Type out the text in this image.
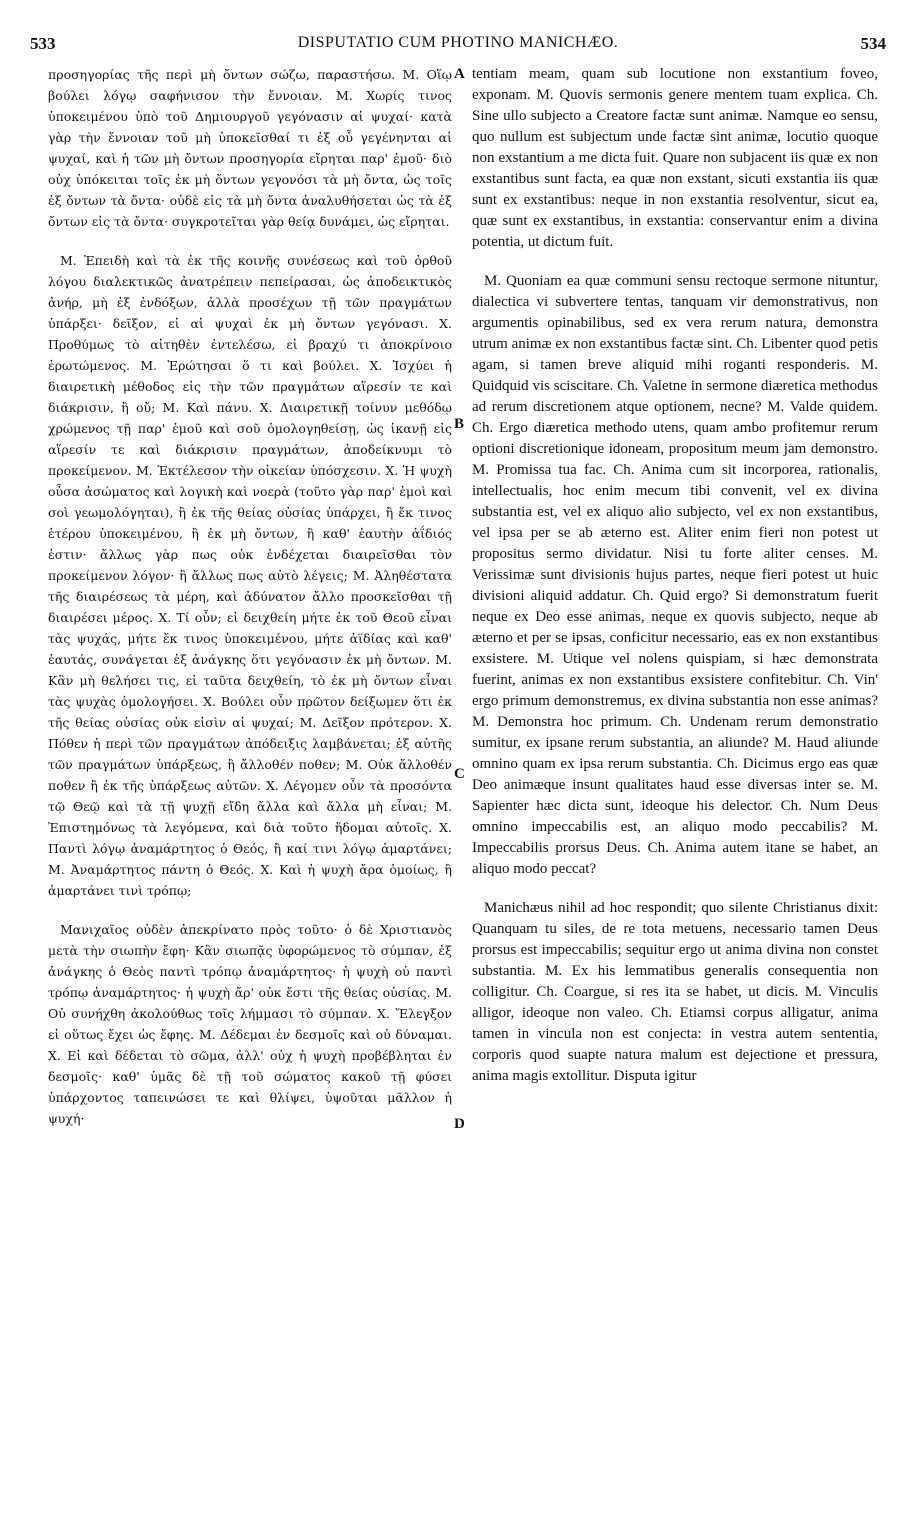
533	DISPUTATIO CUM PHOTINO MANICHÆO.	534

προσηγορίας τῆς περὶ μὴ ὄντων σώζω, παραστήσω. Μ. Οἵῳ βούλει λόγῳ σαφήνισον τὴν ἔννοιαν. Μ. Χωρίς τινος ὑποκειμένου ὑπὸ τοῦ Δημιουργοῦ γεγόνασιν αἱ ψυχαί· κατὰ γὰρ τὴν ἔννοιαν τοῦ μὴ ὑποκεῖσθαί τι ἐξ οὗ γεγένηνται αἱ ψυχαί, καὶ ἡ τῶν μὴ ὄντων προσηγορία εἴρηται παρ' ἐμοῦ· διὸ οὐχ ὑπόκειται τοῖς ἐκ μὴ ὄντων γεγονόσι τὰ μὴ ὄντα, ὡς τοῖς ἐξ ὄντων τὰ ὄντα· οὐδὲ εἰς τὰ μὴ ὄντα ἀναλυθήσεται ὡς τὰ ἐξ ὄντων εἰς τὰ ὄντα· συγκροτεῖται γὰρ θείᾳ δυνάμει, ὡς εἴρηται.

Μ. Ἐπειδὴ καὶ τὰ ἐκ τῆς κοινῆς συνέσεως καὶ τοῦ ὀρθοῦ λόγου διαλεκτικῶς ἀνατρέπειν πεπείρασαι, ὡς ἀποδεικτικὸς ἀνήρ, μὴ ἐξ ἐνδόξων, ἀλλὰ προσέχων τῇ τῶν πραγμάτων ὑπάρξει· δεῖξον, εἰ αἱ ψυχαὶ ἐκ μὴ ὄντων γεγόνασι. Χ. Προθύμως τὸ αἰτηθὲν ἐντελέσω, εἰ βραχύ τι ἀποκρίνοιο ἐρωτώμενος. Μ. Ἐρώτησαι ὅ τι καὶ βούλει. Χ. Ἰσχύει ἡ διαιρετικὴ μέθοδος εἰς τὴν τῶν πραγμάτων αἵρεσίν τε καὶ διάκρισιν, ἢ οὔ; Μ. Καὶ πάνυ. Χ. Διαιρετικῇ τοίνυν μεθόδῳ χρώμενος τῇ παρ' ἐμοῦ καὶ σοῦ ὁμολογηθείσῃ, ὡς ἱκανῇ εἰς αἵρεσίν τε καὶ διάκρισιν πραγμάτων, ἀποδείκνυμι τὸ προκείμενον. Μ. Ἐκτέλεσον τὴν οἰκείαν ὑπόσχεσιν. Χ. Ἡ ψυχὴ οὖσα ἀσώματος καὶ λογικὴ καὶ νοερὰ (τοῦτο γὰρ παρ' ἐμοὶ καὶ σοὶ γεωμολόγηται), ἢ ἐκ τῆς θείας οὐσίας ὑπάρχει, ἢ ἔκ τινος ἑτέρου ὑποκειμένου, ἢ ἐκ μὴ ὄντων, ἢ καθ' ἑαυτὴν ἀΐδιός ἐστιν· ἄλλως γὰρ πως οὐκ ἐνδέχεται διαιρεῖσθαι τὸν προκείμενον λόγον· ἢ ἄλλως πως αὐτὸ λέγεις; Μ. Ἀληθέστατα τῆς διαιρέσεως τὰ μέρη, καὶ ἀδύνατον ἄλλο προσκεῖσθαι τῇ διαιρέσει μέρος. Χ. Τί οὖν; εἰ δειχθείη μήτε ἐκ τοῦ Θεοῦ εἶναι τὰς ψυχάς, μήτε ἔκ τινος ὑποκειμένου, μήτε ἀϊδίας καὶ καθ' ἑαυτάς, συνάγεται ἐξ ἀνάγκης ὅτι γεγόνασιν ἐκ μὴ ὄντων. Μ. Κἂν μὴ θελήσει τις, εἰ ταῦτα δειχθείη, τὸ ἐκ μὴ ὄντων εἶναι τὰς ψυχὰς ὁμολογήσει. Χ. Βούλει οὖν πρῶτον δείξωμεν ὅτι ἐκ τῆς θείας οὐσίας οὐκ εἰσὶν αἱ ψυχαί; Μ. Δεῖξον πρότερον. Χ. Πόθεν ἡ περὶ τῶν πραγμάτων ἀπόδειξις λαμβάνεται; ἐξ αὐτῆς τῶν πραγμάτων ὑπάρξεως, ἢ ἄλλοθέν ποθεν; Μ. Οὐκ ἄλλοθέν ποθεν ἢ ἐκ τῆς ὑπάρξεως αὐτῶν. Χ. Λέγομεν οὖν τὰ προσόντα τῷ Θεῷ καὶ τὰ τῇ ψυχῇ εἴδη ἄλλα καὶ ἄλλα μὴ εἶναι; Μ. Ἐπιστημόνως τὰ λεγόμενα, καὶ διὰ τοῦτο ἥδομαι αὐτοῖς. Χ. Παντὶ λόγῳ ἀναμάρτητος ὁ Θεός, ἢ καί τινι λόγῳ ἁμαρτάνει; Μ. Ἀναμάρτητος πάντη ὁ Θεός. Χ. Καὶ ἡ ψυχὴ ἄρα ὁμοίως, ἢ ἁμαρτάνει τινὶ τρόπῳ;

Μανιχαῖος οὐδὲν ἀπεκρίνατο πρὸς τοῦτο· ὁ δὲ Χριστιανὸς μετὰ τὴν σιωπὴν ἔφη· Κἂν σιωπᾷς ὑφορώμενος τὸ σύμπαν, ἐξ ἀνάγκης ὁ Θεὸς παντὶ τρόπῳ ἀναμάρτητος· ἡ ψυχὴ οὐ παντὶ τρόπῳ ἀναμάρτητος· ἡ ψυχὴ ἄρ' οὐκ ἔστι τῆς θείας οὐσίας. Μ. Οὐ συνήχθη ἀκολούθως τοῖς λήμμασι τὸ σύμπαν. Χ. Ἔλεγξον εἰ οὕτως ἔχει ὡς ἔφης. Μ. Δέδεμαι ἐν δεσμοῖς καὶ οὐ δύναμαι. Χ. Εἰ καὶ δέδεται τὸ σῶμα, ἀλλ' οὐχ ἡ ψυχὴ προβέβληται ἐν δεσμοῖς· καθ' ὑμᾶς δὲ τῇ τοῦ σώματος κακοῦ τῇ φύσει ὑπάρχοντος ταπεινώσει τε καὶ θλίψει, ὑψοῦται μᾶλλον ἡ ψυχή·

A
B
C
D

tentiam meam, quam sub locutione non exstantium foveo, exponam. M. Quovis sermonis genere mentem tuam explica. Ch. Sine ullo subjecto a Creatore factæ sunt animæ. Namque eo sensu, quo nullum est subjectum unde factæ sint animæ, locutio quoque non exstantium a me dicta fuit. Quare non subjacent iis quæ ex non exstantibus sunt facta, ea quæ non exstant, sicuti exstantia iis quæ sunt ex exstantibus: neque in non exstantia resolventur, sicut ea, quæ sunt ex exstantibus, in exstantia: conservantur enim a divina potentia, ut dictum fuit.

M. Quoniam ea quæ communi sensu rectoque sermone nituntur, dialectica vi subvertere tentas, tanquam vir demonstrativus, non argumentis opinabilibus, sed ex vera rerum natura, demonstra utrum animæ ex non exstantibus factæ sint. Ch. Libenter quod petis agam, si tamen breve aliquid mihi roganti responderis. M. Quidquid vis sciscitare. Ch. Valetne in sermone diæretica methodus ad rerum discretionem atque optionem, necne? M. Valde quidem. Ch. Ergo diæretica methodo utens, quam ambo profitemur rerum optioni discretionique idoneam, propositum meum jam demonstro. M. Promissa tua fac. Ch. Anima cum sit incorporea, rationalis, intellectualis, hoc enim mecum tibi convenit, vel ex divina substantia est, vel ex aliquo alio subjecto, vel ex non exstantibus, vel ipsa per se ab æterno est. Aliter enim fieri non potest ut propositus sermo dividatur. Nisi tu forte aliter censes. M. Verissimæ sunt divisionis hujus partes, neque fieri potest ut huic divisioni aliquid addatur. Ch. Quid ergo? Si demonstratum fuerit neque ex Deo esse animas, neque ex quovis subjecto, neque ab æterno et per se ipsas, conficitur necessario, eas ex non exstantibus exsistere. M. Utique vel nolens quispiam, si hæc demonstrata fuerint, animas ex non exstantibus exsistere confitebitur. Ch. Vin' ergo primum demonstremus, ex divina substantia non esse animas? M. Demonstra hoc primum. Ch. Undenam rerum demonstratio sumitur, ex ipsane rerum substantia, an aliunde? M. Haud aliunde omnino quam ex ipsa rerum substantia. Ch. Dicimus ergo eas quæ Deo animæque insunt qualitates haud esse diversas inter se. M. Sapienter hæc dicta sunt, ideoque his delector. Ch. Num Deus omnino impeccabilis est, an aliquo modo peccabilis? M. Impeccabilis prorsus Deus. Ch. Anima autem itane se habet, an aliquo modo peccat?

Manichæus nihil ad hoc respondit; quo silente Christianus dixit: Quanquam tu siles, de re tota metuens, necessario tamen Deus prorsus est impeccabilis; sequitur ergo ut anima divina non constet substantia. M. Ex his lemmatibus generalis consequentia non colligitur. Ch. Coargue, si res ita se habet, ut dicis. M. Vinculis alligor, ideoque non valeo. Ch. Etiamsi corpus alligatur, anima tamen in vincula non est conjecta: in vestra autem sententia, corporis quod suapte natura malum est dejectione et pressura, anima magis extollitur. Disputa igitur
